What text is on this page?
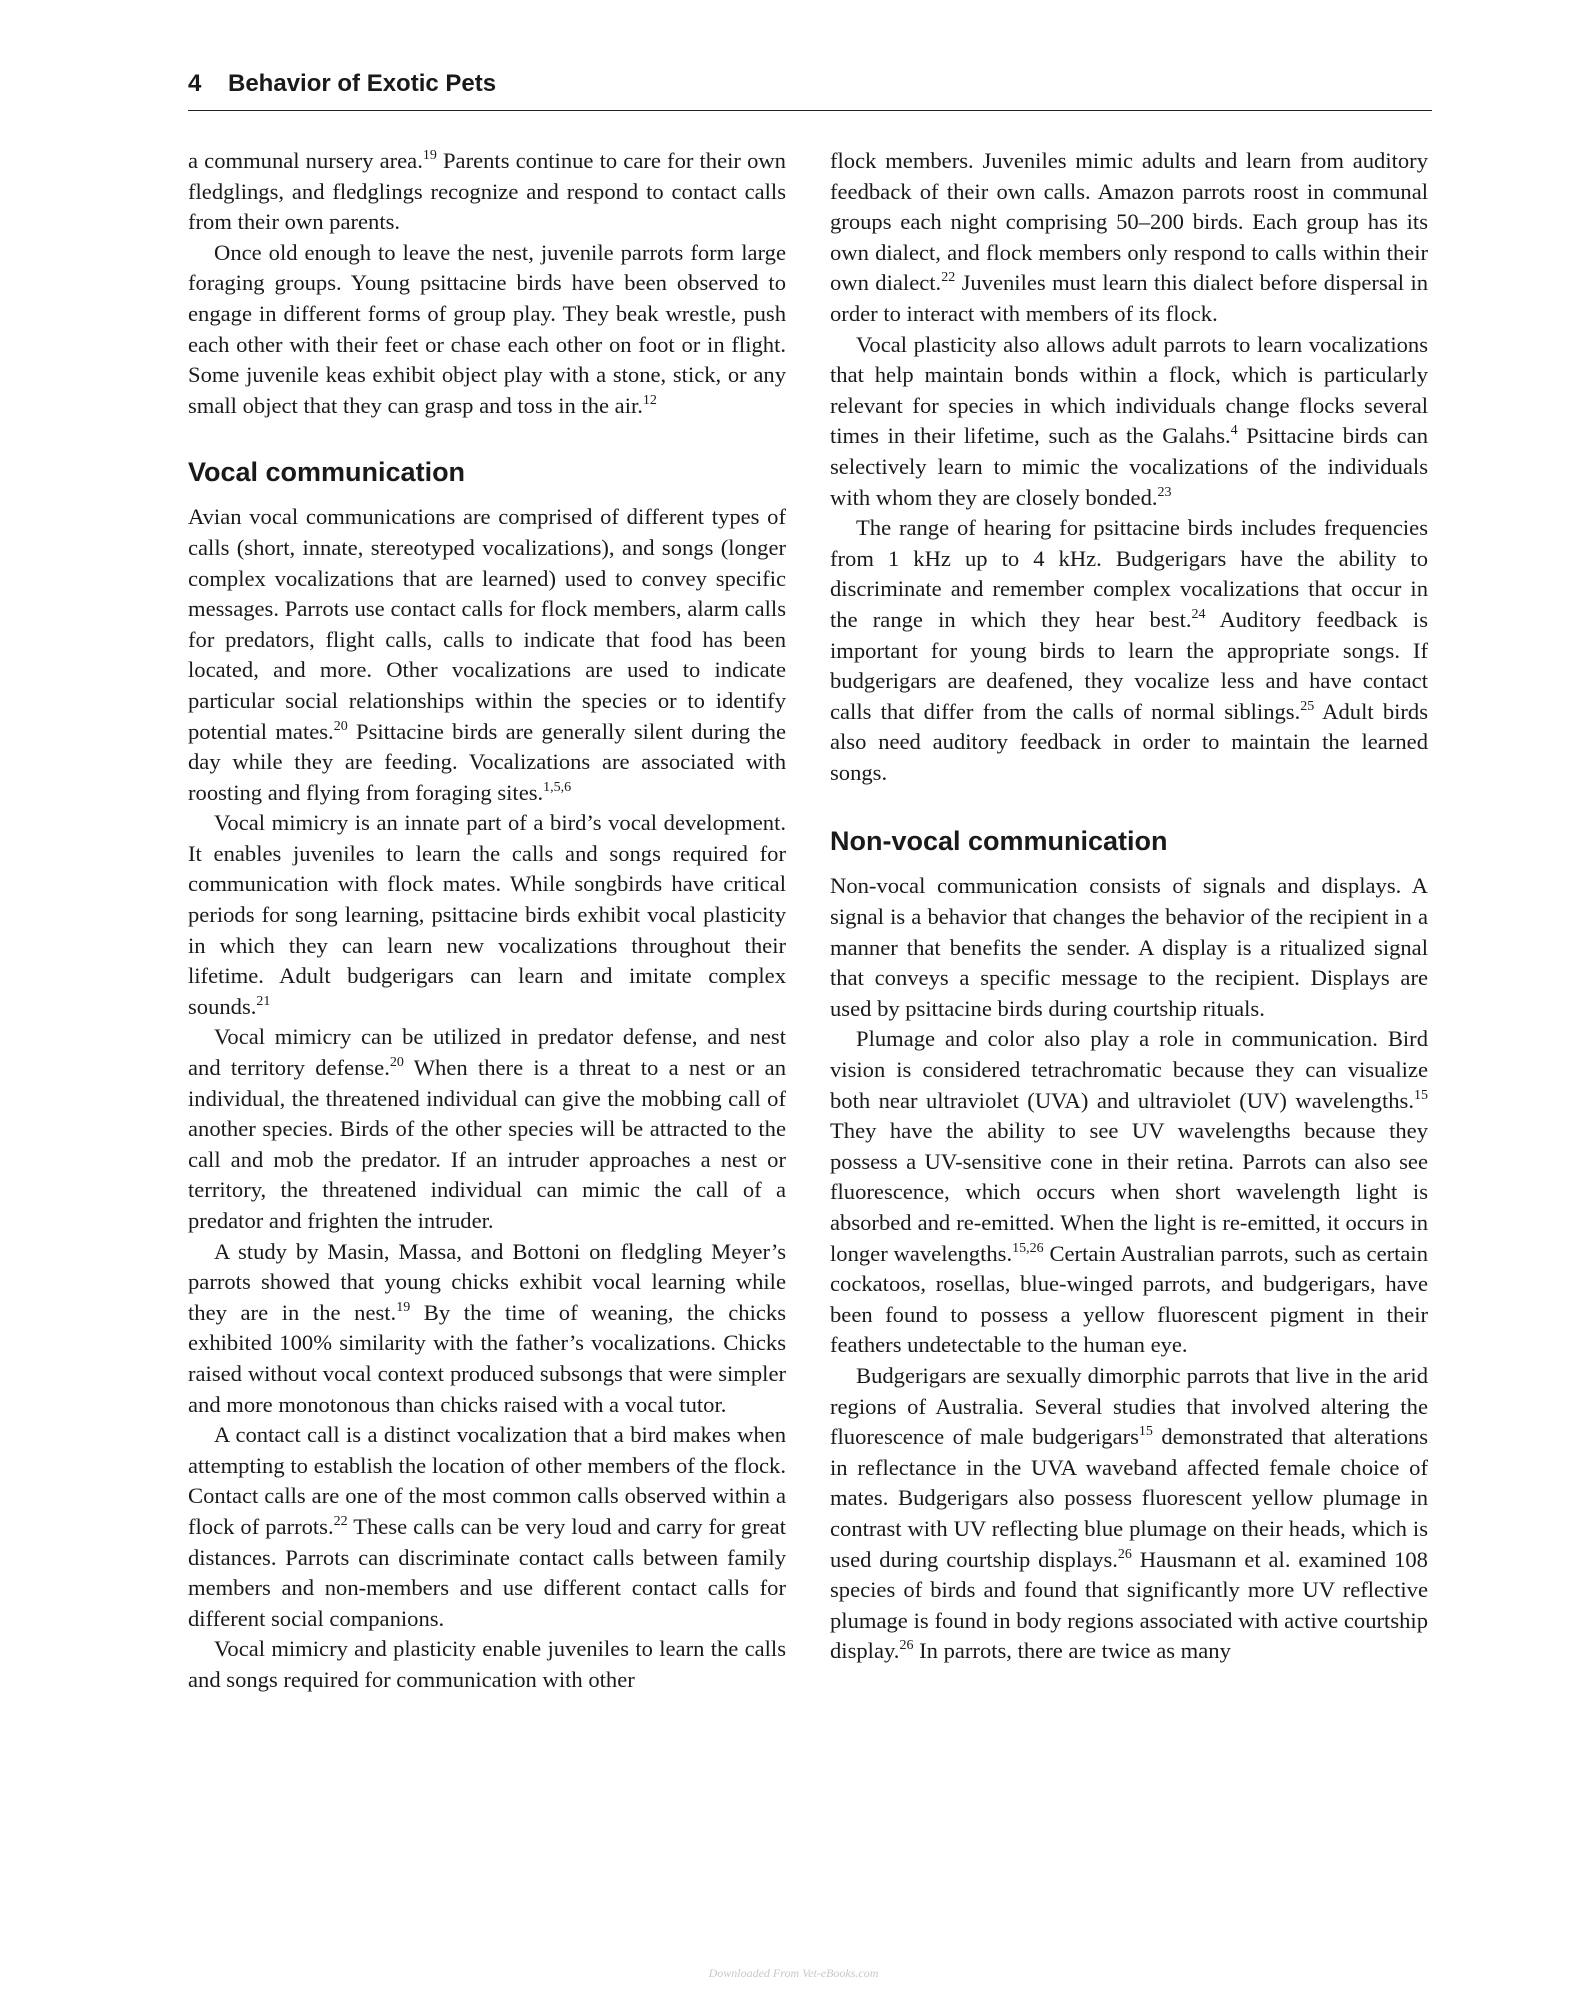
4 Behavior of Exotic Pets

a communal nursery area.$^{19}$ Parents continue to care for their own fledglings, and fledglings recognize and respond to contact calls from their own parents.

Once old enough to leave the nest, juvenile parrots form large foraging groups. Young psittacine birds have been observed to engage in different forms of group play. They beak wrestle, push each other with their feet or chase each other on foot or in flight. Some juvenile keas exhibit object play with a stone, stick, or any small object that they can grasp and toss in the air.$^{12}$

Vocal communication

Avian vocal communications are comprised of different types of calls (short, innate, stereotyped vocalizations), and songs (longer complex vocalizations that are learned) used to convey specific messages. Parrots use contact calls for flock members, alarm calls for predators, flight calls, calls to indicate that food has been located, and more. Other vocalizations are used to indicate particular social relationships within the species or to identify potential mates.$^{20}$ Psittacine birds are generally silent during the day while they are feeding. Vocalizations are associated with roosting and flying from foraging sites.$^{1,5,6}$

Vocal mimicry is an innate part of a bird’s vocal development. It enables juveniles to learn the calls and songs required for communication with flock mates. While songbirds have critical periods for song learning, psittacine birds exhibit vocal plasticity in which they can learn new vocalizations throughout their lifetime. Adult budgerigars can learn and imitate complex sounds.$^{21}$

Vocal mimicry can be utilized in predator defense, and nest and territory defense.$^{20}$ When there is a threat to a nest or an individual, the threatened individual can give the mobbing call of another species. Birds of the other species will be attracted to the call and mob the predator. If an intruder approaches a nest or territory, the threatened individual can mimic the call of a predator and frighten the intruder.

A study by Masin, Massa, and Bottoni on fledgling Meyer’s parrots showed that young chicks exhibit vocal learning while they are in the nest.$^{19}$ By the time of weaning, the chicks exhibited 100% similarity with the father’s vocalizations. Chicks raised without vocal context produced subsongs that were simpler and more monotonous than chicks raised with a vocal tutor.

A contact call is a distinct vocalization that a bird makes when attempting to establish the location of other members of the flock. Contact calls are one of the most common calls observed within a flock of parrots.$^{22}$ These calls can be very loud and carry for great distances. Parrots can discriminate contact calls between family members and non-members and use different contact calls for different social companions.

Vocal mimicry and plasticity enable juveniles to learn the calls and songs required for communication with other

flock members. Juveniles mimic adults and learn from auditory feedback of their own calls. Amazon parrots roost in communal groups each night comprising 50–200 birds. Each group has its own dialect, and flock members only respond to calls within their own dialect.$^{22}$ Juveniles must learn this dialect before dispersal in order to interact with members of its flock.

Vocal plasticity also allows adult parrots to learn vocalizations that help maintain bonds within a flock, which is particularly relevant for species in which individuals change flocks several times in their lifetime, such as the Galahs.$^4$ Psittacine birds can selectively learn to mimic the vocalizations of the individuals with whom they are closely bonded.$^{23}$

The range of hearing for psittacine birds includes frequencies from 1 kHz up to 4 kHz. Budgerigars have the ability to discriminate and remember complex vocalizations that occur in the range in which they hear best.$^{24}$ Auditory feedback is important for young birds to learn the appropriate songs. If budgerigars are deafened, they vocalize less and have contact calls that differ from the calls of normal siblings.$^{25}$ Adult birds also need auditory feedback in order to maintain the learned songs.

Non-vocal communication

Non-vocal communication consists of signals and displays. A signal is a behavior that changes the behavior of the recipient in a manner that benefits the sender. A display is a ritualized signal that conveys a specific message to the recipient. Displays are used by psittacine birds during courtship rituals.

Plumage and color also play a role in communication. Bird vision is considered tetrachromatic because they can visualize both near ultraviolet (UVA) and ultraviolet (UV) wavelengths.$^{15}$ They have the ability to see UV wavelengths because they possess a UV-sensitive cone in their retina. Parrots can also see fluorescence, which occurs when short wavelength light is absorbed and re-emitted. When the light is re-emitted, it occurs in longer wavelengths.$^{15,26}$ Certain Australian parrots, such as certain cockatoos, rosellas, blue-winged parrots, and budgerigars, have been found to possess a yellow fluorescent pigment in their feathers undetectable to the human eye.

Budgerigars are sexually dimorphic parrots that live in the arid regions of Australia. Several studies that involved altering the fluorescence of male budgerigars$^{15}$ demonstrated that alterations in reflectance in the UVA waveband affected female choice of mates. Budgerigars also possess fluorescent yellow plumage in contrast with UV reflecting blue plumage on their heads, which is used during courtship displays.$^{26}$ Hausmann et al. examined 108 species of birds and found that significantly more UV reflective plumage is found in body regions associated with active courtship display.$^{26}$ In parrots, there are twice as many

Downloaded From Vet-eBooks.com
